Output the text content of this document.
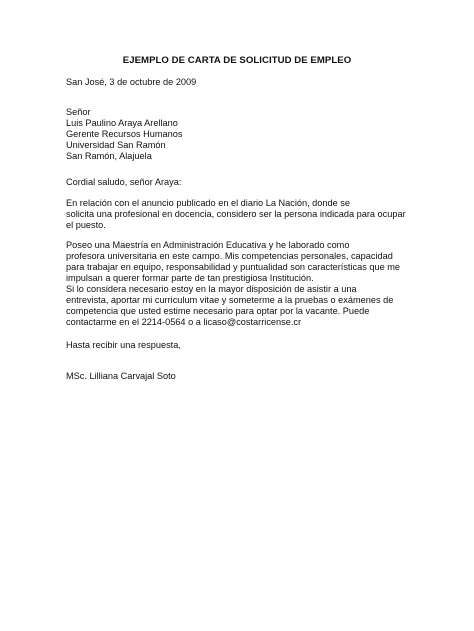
EJEMPLO DE CARTA DE SOLICITUD DE EMPLEO
San José, 3 de octubre de 2009
Señor
Luis Paulino Araya Arellano
Gerente Recursos Humanos
Universidad San Ramón
San Ramón, Alajuela
Cordial saludo, señor Araya:
En relación con el anuncio publicado en el diario La Nación, donde se
solicita una profesional en docencia, considero ser la persona indicada para ocupar
el puesto.
Poseo una Maestría en Administración Educativa y he laborado como
profesora universitaria en este campo. Mis competencias personales, capacidad
para trabajar en equipo, responsabilidad y puntualidad son características que me
impulsan a querer formar parte de tan prestigiosa Institución.
Si lo considera necesario estoy en la mayor disposición de asistir a una
entrevista, aportar mi curriculum vitae y someterme a la pruebas o exámenes de
competencia que usted estime necesario para optar por la vacante. Puede
contactarme en el 2214-0564 o a licaso@costarricense.cr
Hasta recibir una respuesta,
MSc. Lilliana Carvajal Soto
